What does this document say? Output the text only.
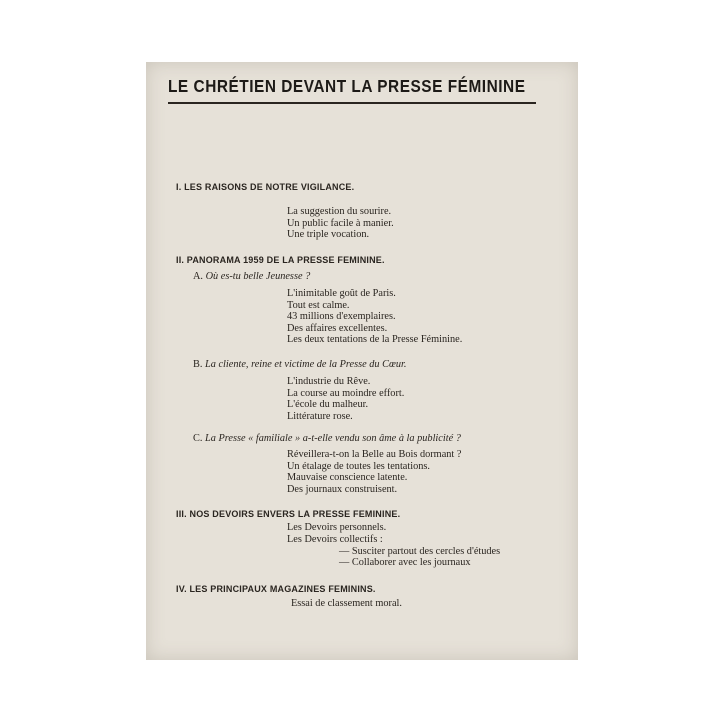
LE CHRÉTIEN DEVANT LA PRESSE FÉMININE
I. LES RAISONS DE NOTRE VIGILANCE.
La suggestion du sourire.
Un public facile à manier.
Une triple vocation.
II. PANORAMA 1959 DE LA PRESSE FEMININE.
A. Où es-tu belle Jeunesse ?
L'inimitable goût de Paris.
Tout est calme.
43 millions d'exemplaires.
Des affaires excellentes.
Les deux tentations de la Presse Féminine.
B. La cliente, reine et victime de la Presse du Cœur.
L'industrie du Rêve.
La course au moindre effort.
L'école du malheur.
Littérature rose.
C. La Presse « familiale » a-t-elle vendu son âme à la publicité ?
Réveillera-t-on la Belle au Bois dormant ?
Un étalage de toutes les tentations.
Mauvaise conscience latente.
Des journaux construisent.
III. NOS DEVOIRS ENVERS LA PRESSE FEMININE.
Les Devoirs personnels.
Les Devoirs collectifs :
— Susciter partout des cercles d'études
— Collaborer avec les journaux
IV. LES PRINCIPAUX MAGAZINES FEMININS.
Essai de classement moral.
